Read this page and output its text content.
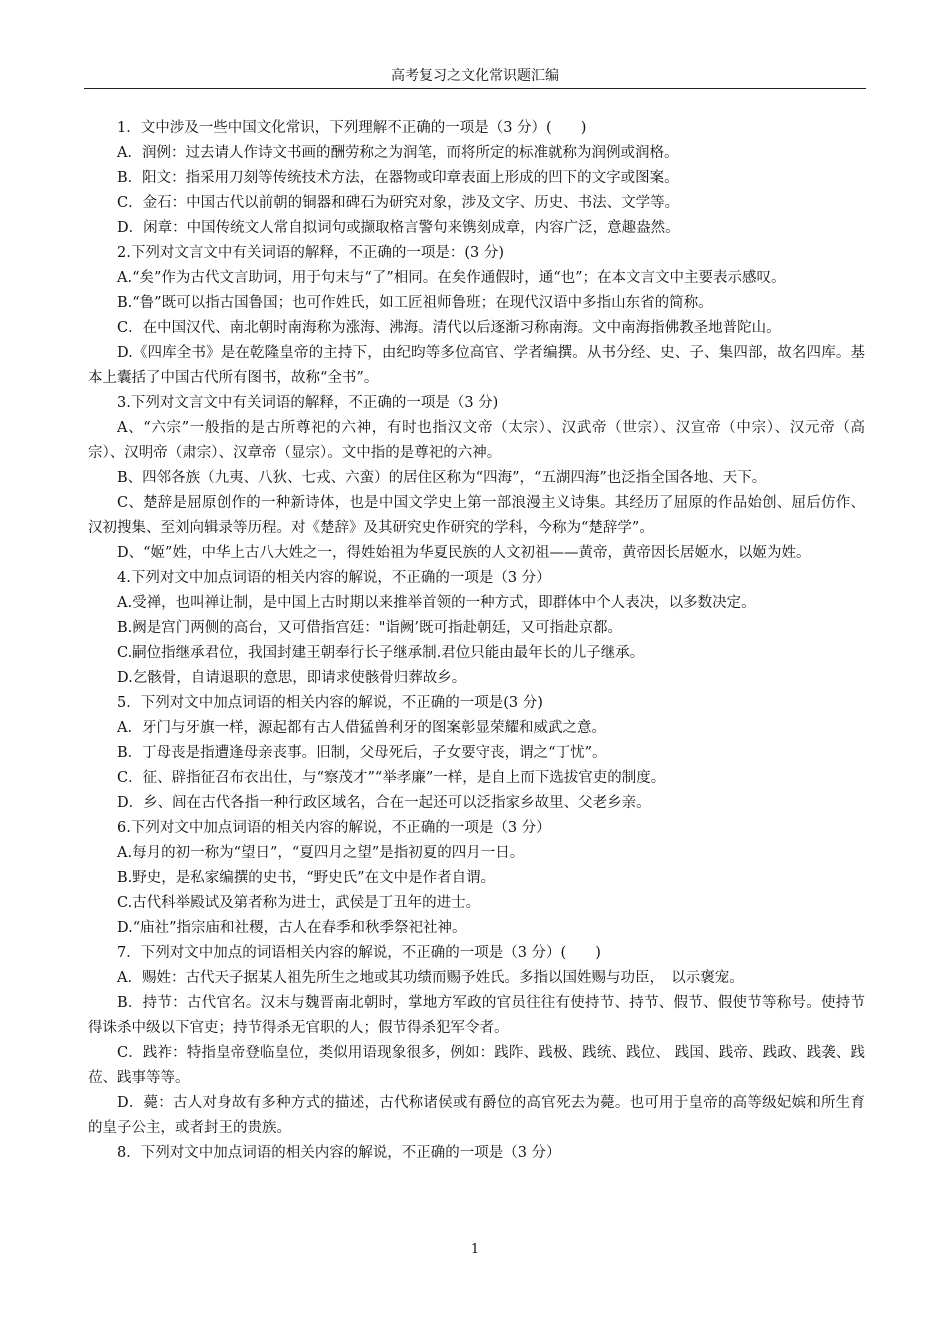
高考复习之文化常识题汇编

1．文中涉及一些中国文化常识，下列理解不正确的一项是（3 分）(　　)

A．润例：过去请人作诗文书画的酬劳称之为润笔，而将所定的标准就称为润例或润格。

B．阳文：指采用刀刻等传统技术方法，在器物或印章表面上形成的凹下的文字或图案。

C．金石：中国古代以前朝的铜器和碑石为研究对象，涉及文字、历史、书法、文学等。

D．闲章：中国传统文人常自拟词句或撷取格言警句来镌刻成章，内容广泛，意趣盎然。

2.下列对文言文中有关词语的解释，不正确的一项是：(3 分)

A.“矣”作为古代文言助词，用于句末与“了”相同。在矣作通假时，通“也”；在本文言文中主要表示感叹。

B.“鲁”既可以指古国鲁国；也可作姓氏，如工匠祖师鲁班；在现代汉语中多指山东省的简称。

C．在中国汉代、南北朝时南海称为涨海、沸海。清代以后逐渐习称南海。文中南海指佛教圣地普陀山。

D.《四库全书》是在乾隆皇帝的主持下，由纪昀等多位高官、学者编撰。从书分经、史、子、集四部，故名四库。基本上囊括了中国古代所有图书，故称“全书”。

3.下列对文言文中有关词语的解释，不正确的一项是（3 分)

A、“六宗”一般指的是古所尊祀的六神，有时也指汉文帝（太宗）、汉武帝（世宗）、汉宣帝（中宗）、汉元帝（高宗）、汉明帝（肃宗）、汉章帝（显宗）。文中指的是尊祀的六神。

B、四邻各族（九夷、八狄、七戎、六蛮）的居住区称为“四海”，“五湖四海”也泛指全国各地、天下。

C、楚辞是屈原创作的一种新诗体，也是中国文学史上第一部浪漫主义诗集。其经历了屈原的作品始创、屈后仿作、汉初搜集、至刘向辑录等历程。对《楚辞》及其研究史作研究的学科，今称为“楚辞学”。

D、“姬”姓，中华上古八大姓之一，得姓始祖为华夏民族的人文初祖——黄帝，黄帝因长居姬水，以姬为姓。

4.下列对文中加点词语的相关内容的解说，不正确的一项是（3 分）

A.受禅，也叫禅让制，是中国上古时期以来推举首领的一种方式，即群体中个人表决，以多数决定。

B.阙是宫门两侧的高台，又可借指宫廷："诣阙’既可指赴朝廷，又可指赴京都。

C.嗣位指继承君位，我国封建王朝奉行长子继承制.君位只能由最年长的儿子继承。

D.乞骸骨，自请退职的意思，即请求使骸骨归葬故乡。

5．下列对文中加点词语的相关内容的解说，不正确的一项是(3 分)

A．牙门与牙旗一样，源起都有古人借猛兽利牙的图案彰显荣耀和威武之意。

B．丁母丧是指遭逢母亲丧事。旧制，父母死后，子女要守丧，谓之“丁忧”。

C．征、辟指征召布衣出仕，与“察茂才”“举孝廉”一样，是自上而下选拔官吏的制度。

D．乡、闾在古代各指一种行政区域名，合在一起还可以泛指家乡故里、父老乡亲。

6.下列对文中加点词语的相关内容的解说，不正确的一项是（3 分）

A.每月的初一称为“望日”，“夏四月之望”是指初夏的四月一日。

B.野史，是私家编撰的史书，“野史氏”在文中是作者自谓。

C.古代科举殿试及第者称为进士，武侯是丁丑年的进士。

D.“庙社”指宗庙和社稷，古人在春季和秋季祭祀社神。

7．下列对文中加点的词语相关内容的解说，不正确的一项是（3 分）(　　)

A．赐姓：古代天子据某人祖先所生之地或其功绩而赐予姓氏。多指以国姓赐与功臣，　以示褒宠。

B．持节：古代官名。汉末与魏晋南北朝时，掌地方军政的官员往往有使持节、持节、假节、假使节等称号。使持节得诛杀中级以下官吏；持节得杀无官职的人；假节得杀犯军令者。

C．践祚：特指皇帝登临皇位，类似用语现象很多，例如：践阼、践极、践统、践位、 践国、践帝、践政、践袭、践莅、践事等等。

D．薨：古人对身故有多种方式的描述，古代称诸侯或有爵位的高官死去为薨。也可用于皇帝的高等级妃嫔和所生育的皇子公主，或者封王的贵族。

8．下列对文中加点词语的相关内容的解说，不正确的一项是（3 分）

1
